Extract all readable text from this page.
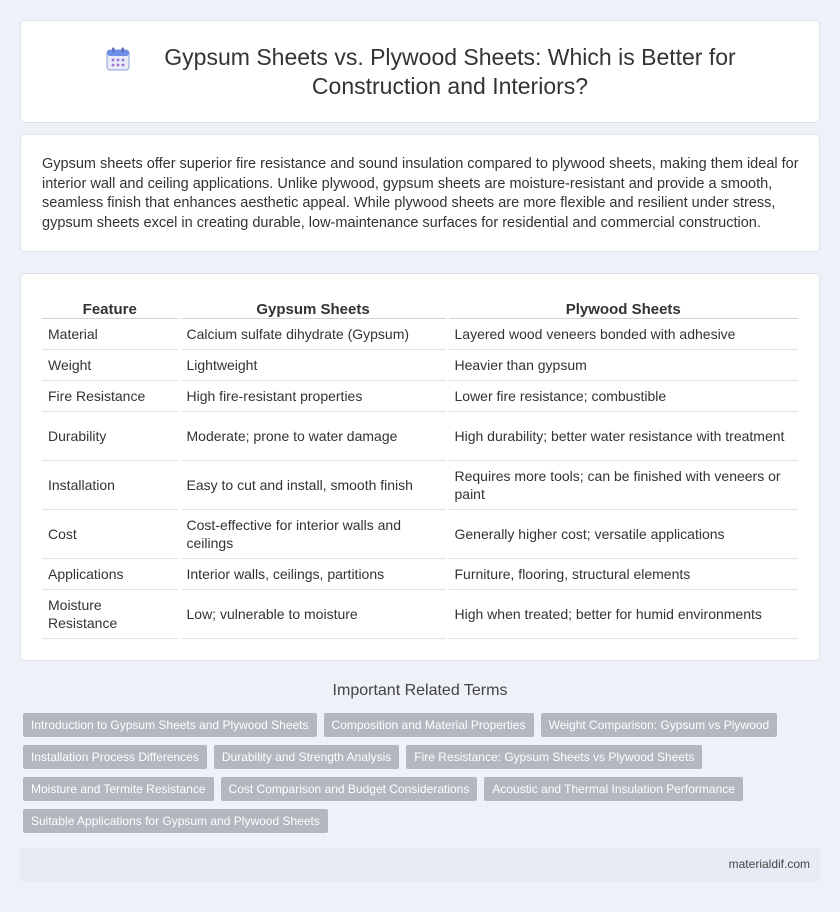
Gypsum Sheets vs. Plywood Sheets: Which is Better for Construction and Interiors?

Gypsum sheets offer superior fire resistance and sound insulation compared to plywood sheets, making them ideal for interior wall and ceiling applications. Unlike plywood, gypsum sheets are moisture-resistant and provide a smooth, seamless finish that enhances aesthetic appeal. While plywood sheets are more flexible and resilient under stress, gypsum sheets excel in creating durable, low-maintenance surfaces for residential and commercial construction.

Feature	Gypsum Sheets	Plywood Sheets
Material	Calcium sulfate dihydrate (Gypsum)	Layered wood veneers bonded with adhesive
Weight	Lightweight	Heavier than gypsum
Fire Resistance	High fire-resistant properties	Lower fire resistance; combustible
Durability	Moderate; prone to water damage	High durability; better water resistance with treatment
Installation	Easy to cut and install, smooth finish	Requires more tools; can be finished with veneers or paint
Cost	Cost-effective for interior walls and ceilings	Generally higher cost; versatile applications
Applications	Interior walls, ceilings, partitions	Furniture, flooring, structural elements
Moisture Resistance	Low; vulnerable to moisture	High when treated; better for humid environments
Important Related Terms
Introduction to Gypsum Sheets and Plywood Sheets	Composition and Material Properties	Weight Comparison: Gypsum vs Plywood
Installation Process Differences	Durability and Strength Analysis	Fire Resistance: Gypsum Sheets vs Plywood Sheets
Moisture and Termite Resistance	Cost Comparison and Budget Considerations	Acoustic and Thermal Insulation Performance
Suitable Applications for Gypsum and Plywood Sheets
materialdif.com
